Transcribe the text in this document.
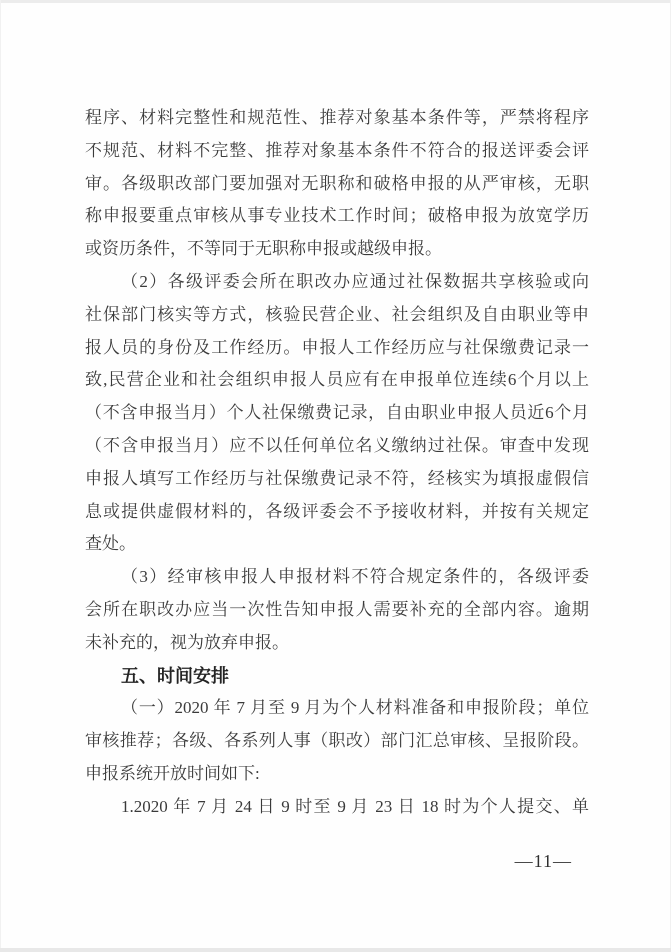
程序、材料完整性和规范性、推荐对象基本条件等，严禁将程序
不规范、材料不完整、推荐对象基本条件不符合的报送评委会评
审。各级职改部门要加强对无职称和破格申报的从严审核，无职
称申报要重点审核从事专业技术工作时间；破格申报为放宽学历
或资历条件，不等同于无职称申报或越级申报。
（2）各级评委会所在职改办应通过社保数据共享核验或向
社保部门核实等方式，核验民营企业、社会组织及自由职业等申
报人员的身份及工作经历。申报人工作经历应与社保缴费记录一
致,民营企业和社会组织申报人员应有在申报单位连续6个月以上
（不含申报当月）个人社保缴费记录，自由职业申报人员近6个月
（不含申报当月）应不以任何单位名义缴纳过社保。审查中发现
申报人填写工作经历与社保缴费记录不符，经核实为填报虚假信
息或提供虚假材料的，各级评委会不予接收材料，并按有关规定
查处。
（3）经审核申报人申报材料不符合规定条件的，各级评委
会所在职改办应当一次性告知申报人需要补充的全部内容。逾期
未补充的，视为放弃申报。
五、时间安排
（一）2020 年 7 月至 9 月为个人材料准备和申报阶段；单位
审核推荐；各级、各系列人事（职改）部门汇总审核、呈报阶段。
申报系统开放时间如下:
1.2020 年 7 月 24 日 9 时至 9 月 23 日 18 时为个人提交、单
—11—
